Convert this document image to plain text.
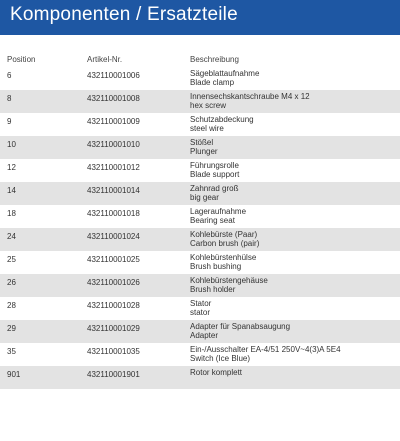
Komponenten / Ersatzteile
Position	Artikel-Nr.	Beschreibung
6	432110001006	Sägeblattaufnahme
Blade clamp
8	432110001008	Innensechskantschraube M4 x 12
hex screw
9	432110001009	Schutzabdeckung
steel wire
10	432110001010	Stößel
Plunger
12	432110001012	Führungsrolle
Blade support
14	432110001014	Zahnrad groß
big gear
18	432110001018	Lageraufnahme
Bearing seat
24	432110001024	Kohlebürste (Paar)
Carbon brush (pair)
25	432110001025	Kohlebürstenhülse
Brush bushing
26	432110001026	Kohlebürstengehäuse
Brush holder
28	432110001028	Stator
stator
29	432110001029	Adapter für Spanabsaugung
Adapter
35	432110001035	Ein-/Ausschalter EA-4/51 250V~4(3)A 5E4
Switch (Ice Blue)
901	432110001901	Rotor komplett
